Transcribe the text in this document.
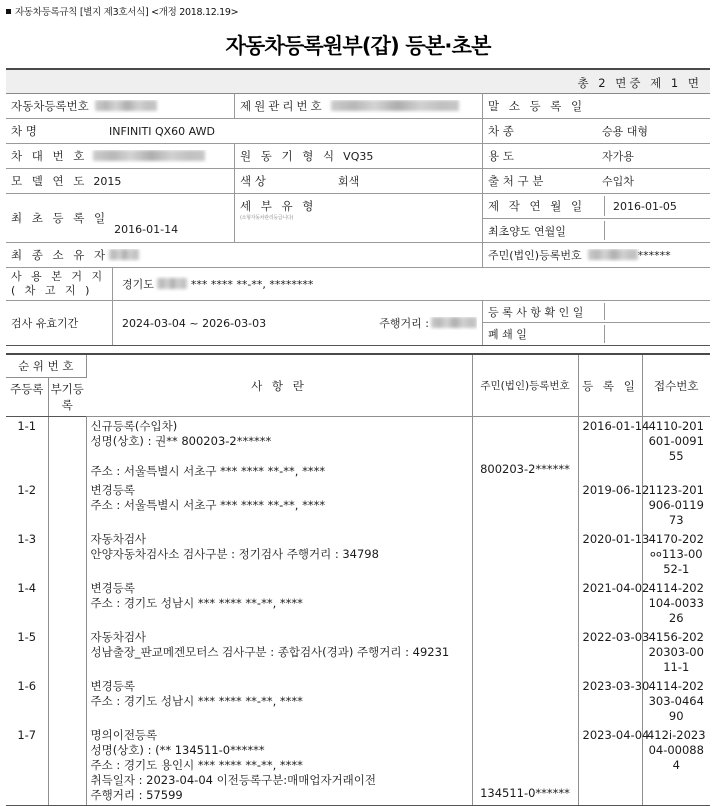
자동차등록규칙 [별지 제3호서식] <개정 2018.12.19>
자동차등록원부(갑) 등본·초본
총 2 면중 제 1 면
자동차등록번호	제원관리번호	말 소 등 록 일
차 명	INFINITI QX60 AWD	차 종	승용 대형
차 대 번 호	원 동 기 형 식 VQ35	용 도	자가용
모 델 연 도 2015	색 상	회색	출 처 구 분	수입차
최 초 등 록 일
2016-01-14
세 부 유 형
(소형자동차관리등급니다)
제 작 연 월 일	2016-01-05
최초양도 연월일
최 종 소 유 자	주민(법인)등록번호	******
사 용 본 거 지
( 차 고 지 )	경기도	*** **** **-**, ********
검사 유효기간	2024-03-04 ~ 2026-03-03	주행거리 :
등 록 사 항 확 인 일
폐 쇄 일
순 위 번 호		사 항 란	주민(법인)등록번호	등 록 일	접수번호
주등록	부기등록				
1-1		신규등록(수입차)
성명(상호) : 권** 800203-2******
주소 : 서울특별시 서초구 *** **** **-**, ****	800203-2******	2016-01-14	4110-201601-009155
1-2		변경등록
주소 : 서울특별시 서초구 *** **** **-**, ****		2019-06-12	1123-201906-011973
1-3		자동차검사
안양자동차검사소 검사구분 : 정기검사 주행거리 : 34798		2020-01-13	4170-202००113-0052-1
1-4		변경등록
주소 : 경기도 성남시 *** **** **-**, ****		2021-04-02	4114-202104-003326
1-5		자동차검사
성남출장_판교메겐모터스 검사구분 : 종합검사(경과) 주행거리 : 49231		2022-03-03	4156-20220303-0011-1
1-6		변경등록
주소 : 경기도 성남시 *** **** **-**, ****		2023-03-30	4114-202303-046490
1-7		명의이전등록
성명(상호) : (** 134511-0******
주소 : 경기도 용인시 *** **** **-**, ****
취득일자 : 2023-04-04 이전등록구분:매매업자거래이전
주행거리 : 57599	134511-0******	2023-04-04	412i-202304-000884
